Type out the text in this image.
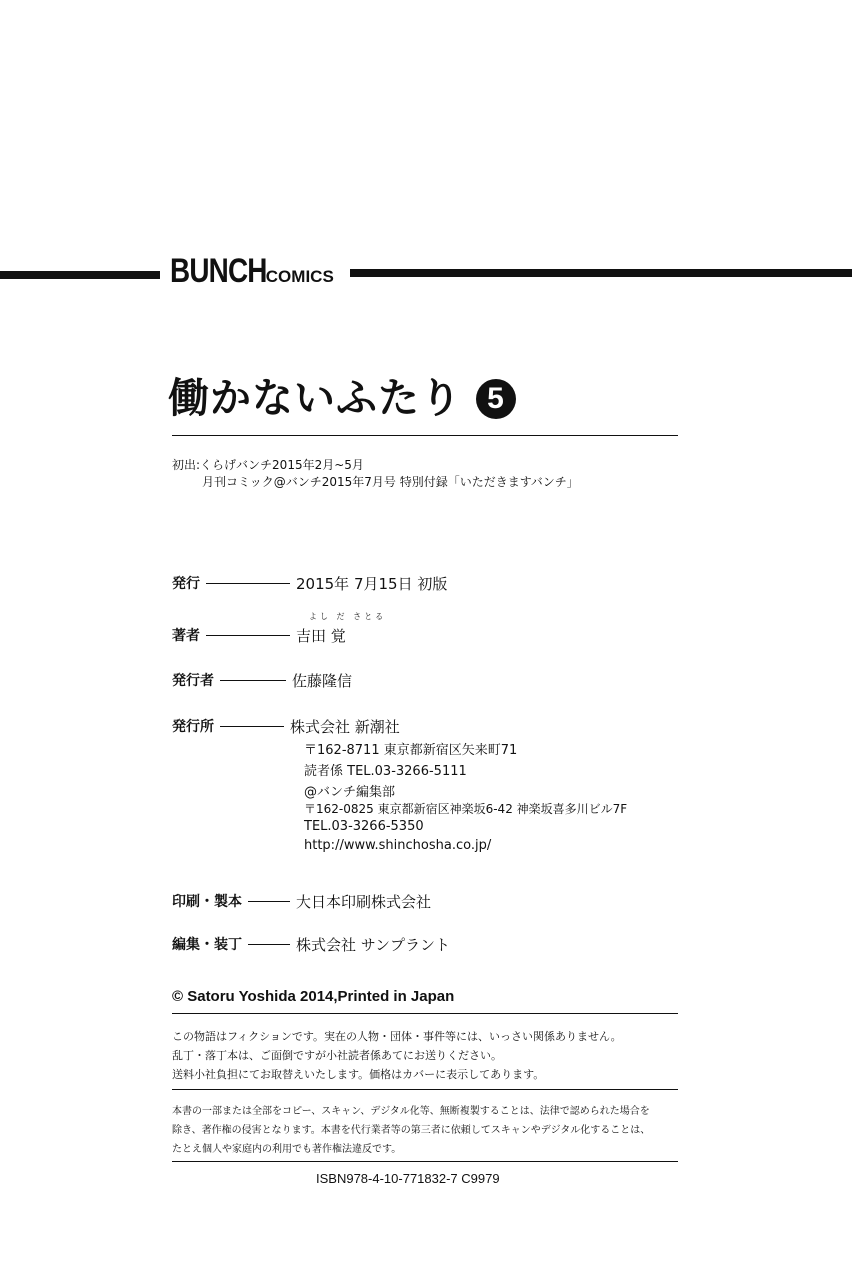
BUNCH COMICS
働かないふたり 5
初出:くらげバンチ2015年2月~5月
月刊コミック@バンチ2015年7月号 特別付録「いただきますバンチ」
発行	2015年 7月15日 初版
よし だ さとる
著者	吉田 覚
発行者	佐藤隆信
発行所	株式会社 新潮社
〒162-8711 東京都新宿区矢来町71
読者係 TEL.03-3266-5111
@バンチ編集部
〒162-0825 東京都新宿区神楽坂6-42 神楽坂喜多川ビル7F
TEL.03-3266-5350
http://www.shinchosha.co.jp/
印刷・製本	大日本印刷株式会社
編集・装丁	株式会社 サンプラント
© Satoru Yoshida 2014,Printed in Japan
この物語はフィクションです。実在の人物・団体・事件等には、いっさい関係ありません。
乱丁・落丁本は、ご面倒ですが小社読者係あてにお送りください。
送料小社負担にてお取替えいたします。価格はカバーに表示してあります。
本書の一部または全部をコピー、スキャン、デジタル化等、無断複製することは、法律で認められた場合を
除き、著作権の侵害となります。本書を代行業者等の第三者に依頼してスキャンやデジタル化することは、
たとえ個人や家庭内の利用でも著作権法違反です。
ISBN978-4-10-771832-7 C9979
